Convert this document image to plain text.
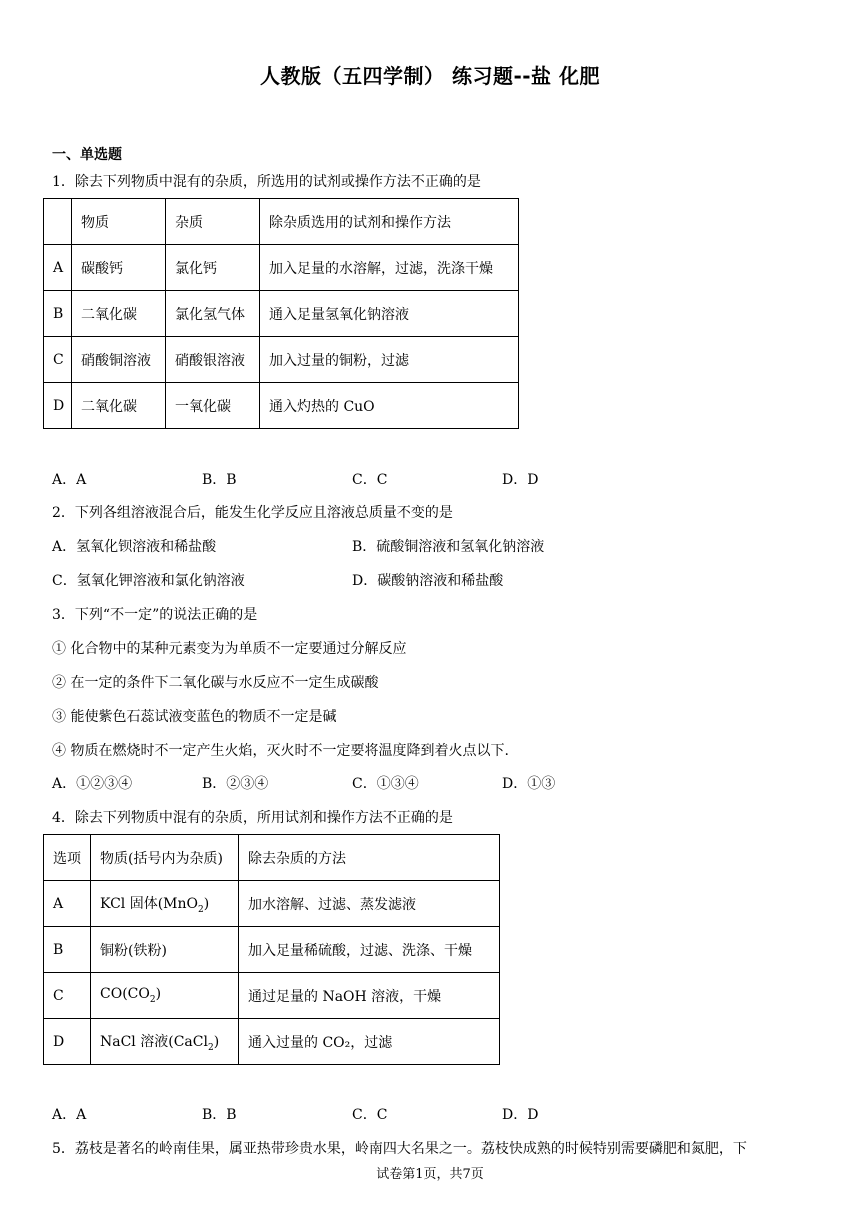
人教版（五四学制） 练习题--盐 化肥
一、单选题
1．除去下列物质中混有的杂质，所选用的试剂或操作方法不正确的是
	物质	杂质	除杂质选用的试剂和操作方法
A	碳酸钙	氯化钙	加入足量的水溶解，过滤，洗涤干燥
B	二氧化碳	氯化氢气体	通入足量氢氧化钠溶液
C	硝酸铜溶液	硝酸银溶液	加入过量的铜粉，过滤
D	二氧化碳	一氧化碳	通入灼热的 CuO
A．A	B．B	C．C	D．D
2．下列各组溶液混合后，能发生化学反应且溶液总质量不变的是
A．氢氧化钡溶液和稀盐酸	B．硫酸铜溶液和氢氧化钠溶液
C．氢氧化钾溶液和氯化钠溶液	D．碳酸钠溶液和稀盐酸
3．下列“不一定”的说法正确的是
① 化合物中的某种元素变为为单质不一定要通过分解反应
② 在一定的条件下二氧化碳与水反应不一定生成碳酸
③ 能使紫色石蕊试液变蓝色的物质不一定是碱
④ 物质在燃烧时不一定产生火焰，灭火时不一定要将温度降到着火点以下.
A．①②③④	B．②③④	C．①③④	D．①③
4．除去下列物质中混有的杂质，所用试剂和操作方法不正确的是
选项	物质(括号内为杂质)	除去杂质的方法
A	KCl 固体(MnO$_2$)	加水溶解、过滤、蒸发滤液
B	铜粉(铁粉)	加入足量稀硫酸，过滤、洗涤、干燥
C	$CO(CO_2)$	通过足量的 NaOH 溶液，干燥
D	NaCl 溶液(CaCl$_2$)	通入过量的 CO₂，过滤
A．A	B．B	C．C	D．D
5．荔枝是著名的岭南佳果，属亚热带珍贵水果，岭南四大名果之一。荔枝快成熟的时候特别需要磷肥和氮肥，下
试卷第1页，共7页
